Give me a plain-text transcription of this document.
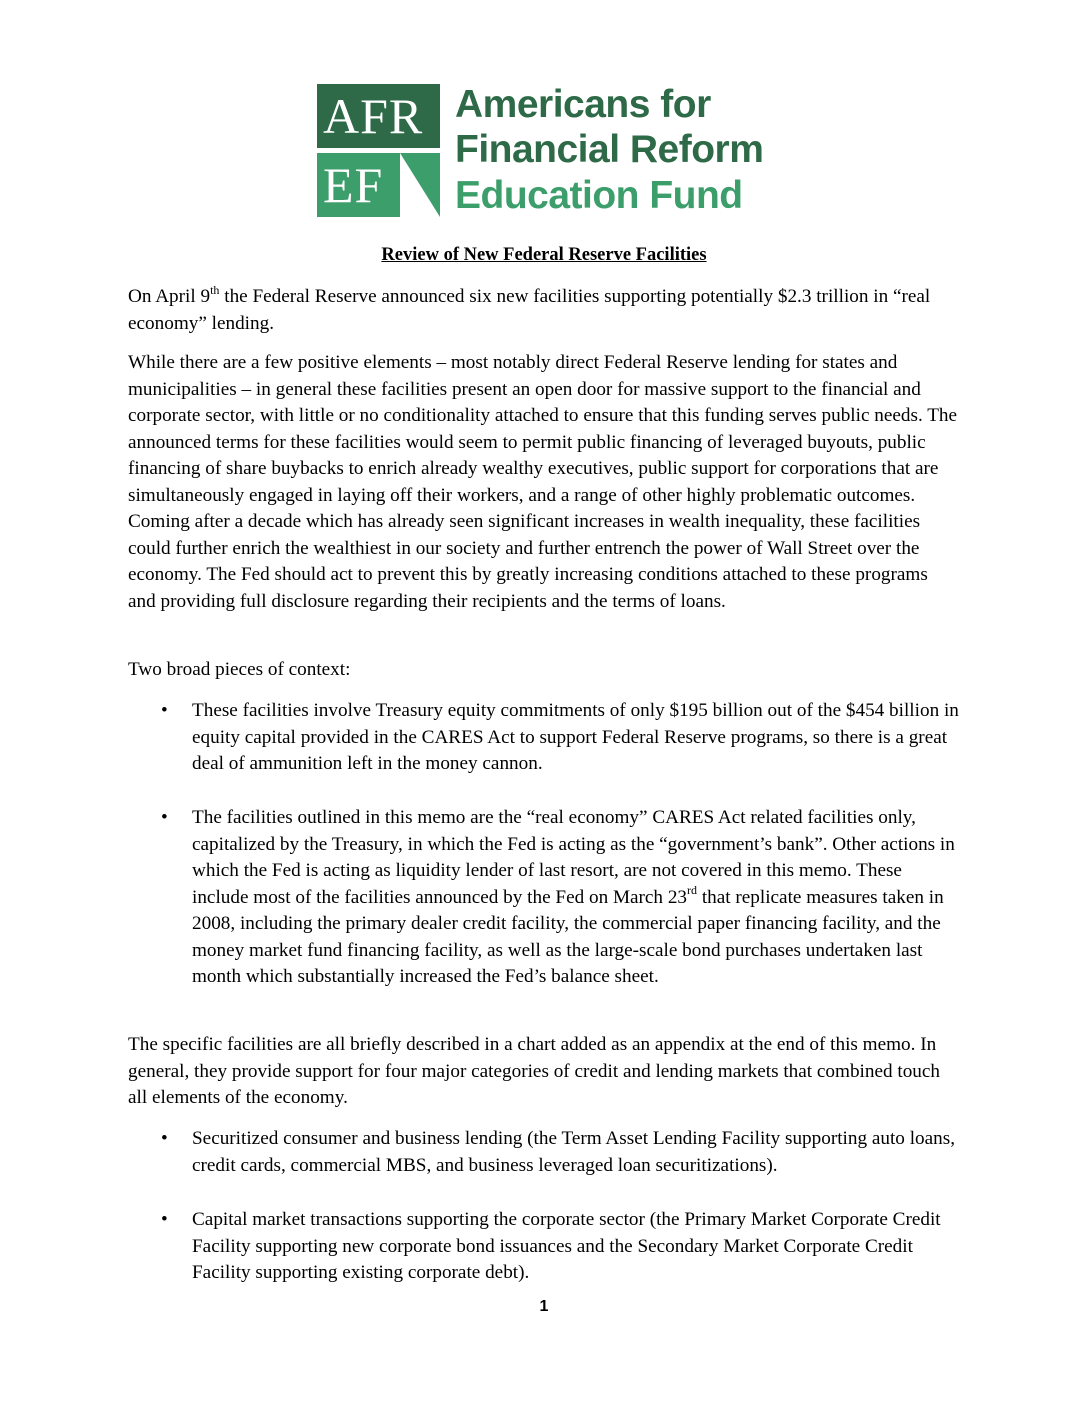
AFR
EF
Americans for
Financial Reform
Education Fund
Review of New Federal Reserve Facilities
On April 9th the Federal Reserve announced six new facilities supporting potentially $2.3 trillion in “real economy” lending.
While there are a few positive elements – most notably direct Federal Reserve lending for states and municipalities – in general these facilities present an open door for massive support to the financial and corporate sector, with little or no conditionality attached to ensure that this funding serves public needs. The announced terms for these facilities would seem to permit public financing of leveraged buyouts, public financing of share buybacks to enrich already wealthy executives, public support for corporations that are simultaneously engaged in laying off their workers, and a range of other highly problematic outcomes. Coming after a decade which has already seen significant increases in wealth inequality, these facilities could further enrich the wealthiest in our society and further entrench the power of Wall Street over the economy. The Fed should act to prevent this by greatly increasing conditions attached to these programs and providing full disclosure regarding their recipients and the terms of loans.
Two broad pieces of context:
•	These facilities involve Treasury equity commitments of only $195 billion out of the $454 billion in equity capital provided in the CARES Act to support Federal Reserve programs, so there is a great deal of ammunition left in the money cannon.
•	The facilities outlined in this memo are the “real economy” CARES Act related facilities only, capitalized by the Treasury, in which the Fed is acting as the “government’s bank”. Other actions in which the Fed is acting as liquidity lender of last resort, are not covered in this memo. These include most of the facilities announced by the Fed on March 23rd that replicate measures taken in 2008, including the primary dealer credit facility, the commercial paper financing facility, and the money market fund financing facility, as well as the large-scale bond purchases undertaken last month which substantially increased the Fed’s balance sheet.
The specific facilities are all briefly described in a chart added as an appendix at the end of this memo. In general, they provide support for four major categories of credit and lending markets that combined touch all elements of the economy.
•	Securitized consumer and business lending (the Term Asset Lending Facility supporting auto loans, credit cards, commercial MBS, and business leveraged loan securitizations).
•	Capital market transactions supporting the corporate sector (the Primary Market Corporate Credit Facility supporting new corporate bond issuances and the Secondary Market Corporate Credit Facility supporting existing corporate debt).
1
